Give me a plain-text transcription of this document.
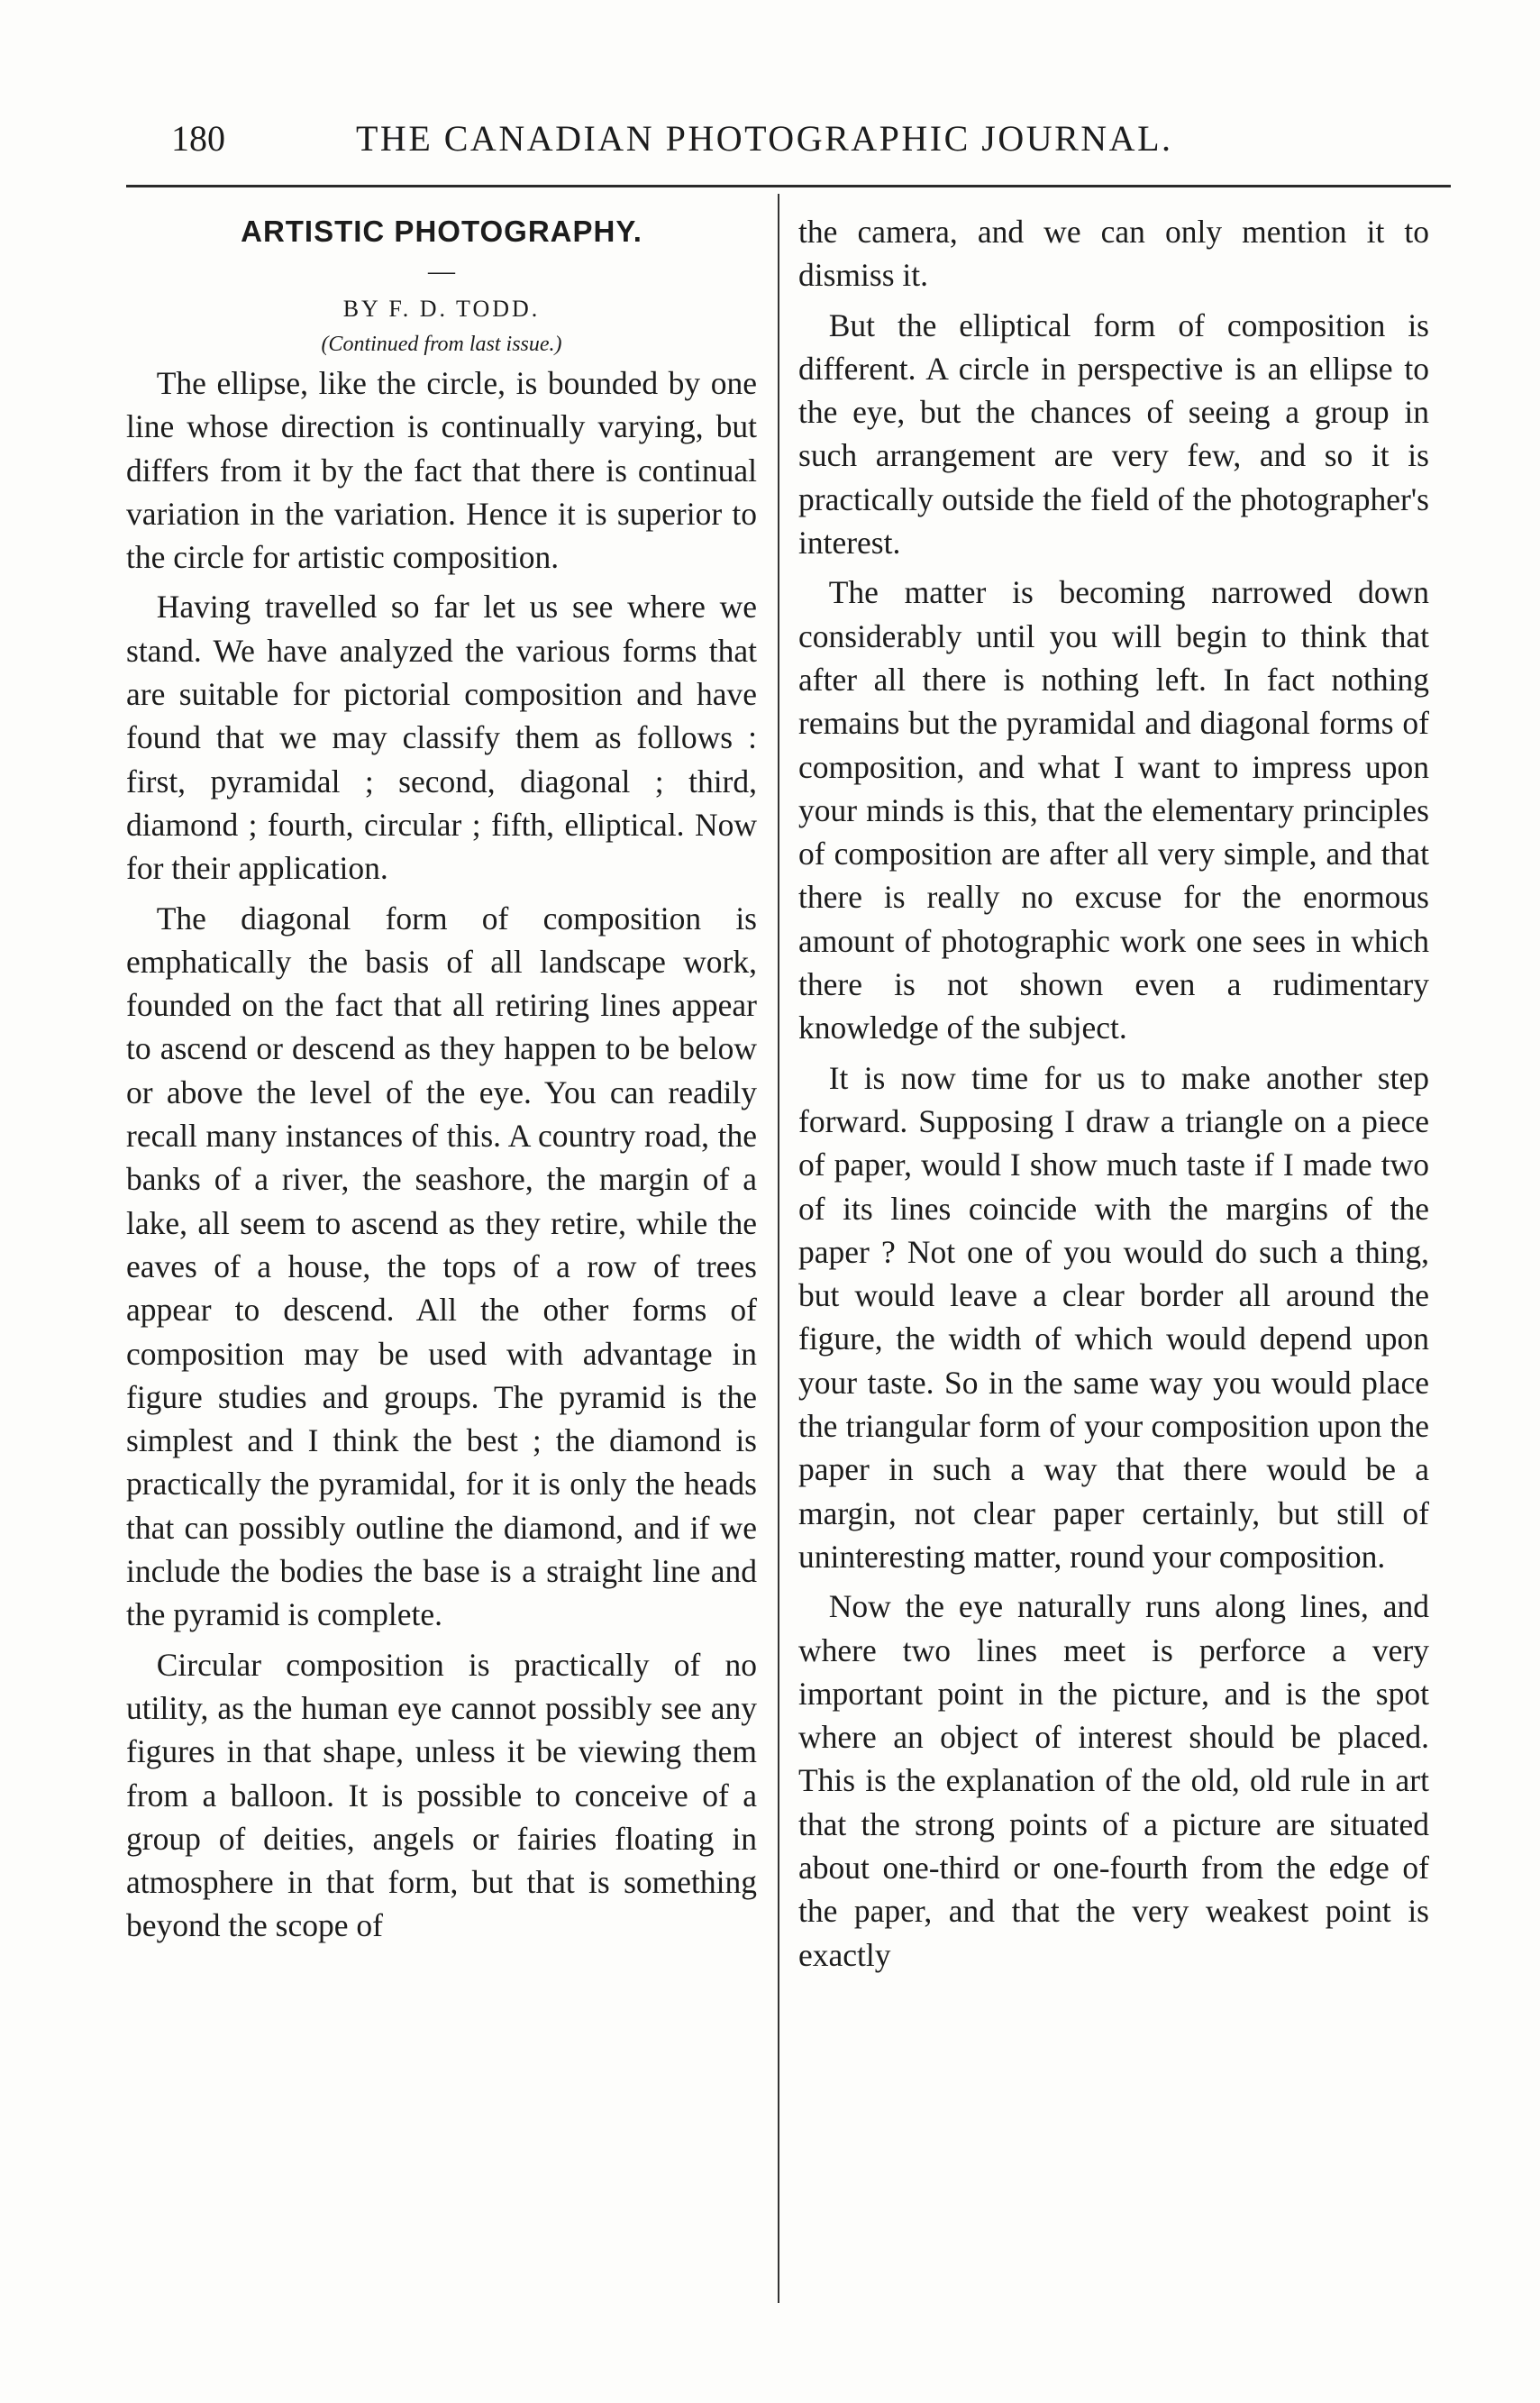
180	THE CANADIAN PHOTOGRAPHIC JOURNAL.
ARTISTIC PHOTOGRAPHY.
—
BY F. D. TODD.
(Continued from last issue.)

The ellipse, like the circle, is bounded by one line whose direction is continually varying, but differs from it by the fact that there is continual variation in the variation. Hence it is superior to the circle for artistic composition.

Having travelled so far let us see where we stand. We have analyzed the various forms that are suitable for pictorial composition and have found that we may classify them as follows : first, pyramidal ; second, diagonal ; third, diamond ; fourth, circular ; fifth, elliptical. Now for their application.

The diagonal form of composition is emphatically the basis of all landscape work, founded on the fact that all retiring lines appear to ascend or descend as they happen to be below or above the level of the eye. You can readily recall many instances of this. A country road, the banks of a river, the seashore, the margin of a lake, all seem to ascend as they retire, while the eaves of a house, the tops of a row of trees appear to descend. All the other forms of composition may be used with advantage in figure studies and groups. The pyramid is the simplest and I think the best ; the diamond is practically the pyramidal, for it is only the heads that can possibly outline the diamond, and if we include the bodies the base is a straight line and the pyramid is complete.

Circular composition is practically of no utility, as the human eye cannot possibly see any figures in that shape, unless it be viewing them from a balloon. It is possible to conceive of a group of deities, angels or fairies floating in atmosphere in that form, but that is something beyond the scope of

the camera, and we can only mention it to dismiss it.

But the elliptical form of composition is different. A circle in perspective is an ellipse to the eye, but the chances of seeing a group in such arrangement are very few, and so it is practically outside the field of the photographer's interest.

The matter is becoming narrowed down considerably until you will begin to think that after all there is nothing left. In fact nothing remains but the pyramidal and diagonal forms of composition, and what I want to impress upon your minds is this, that the elementary principles of composition are after all very simple, and that there is really no excuse for the enormous amount of photographic work one sees in which there is not shown even a rudimentary knowledge of the subject.

It is now time for us to make another step forward. Supposing I draw a triangle on a piece of paper, would I show much taste if I made two of its lines coincide with the margins of the paper ? Not one of you would do such a thing, but would leave a clear border all around the figure, the width of which would depend upon your taste. So in the same way you would place the triangular form of your composition upon the paper in such a way that there would be a margin, not clear paper certainly, but still of uninteresting matter, round your composition.

Now the eye naturally runs along lines, and where two lines meet is perforce a very important point in the picture, and is the spot where an object of interest should be placed. This is the explanation of the old, old rule in art that the strong points of a picture are situated about one-third or one-fourth from the edge of the paper, and that the very weakest point is exactly
